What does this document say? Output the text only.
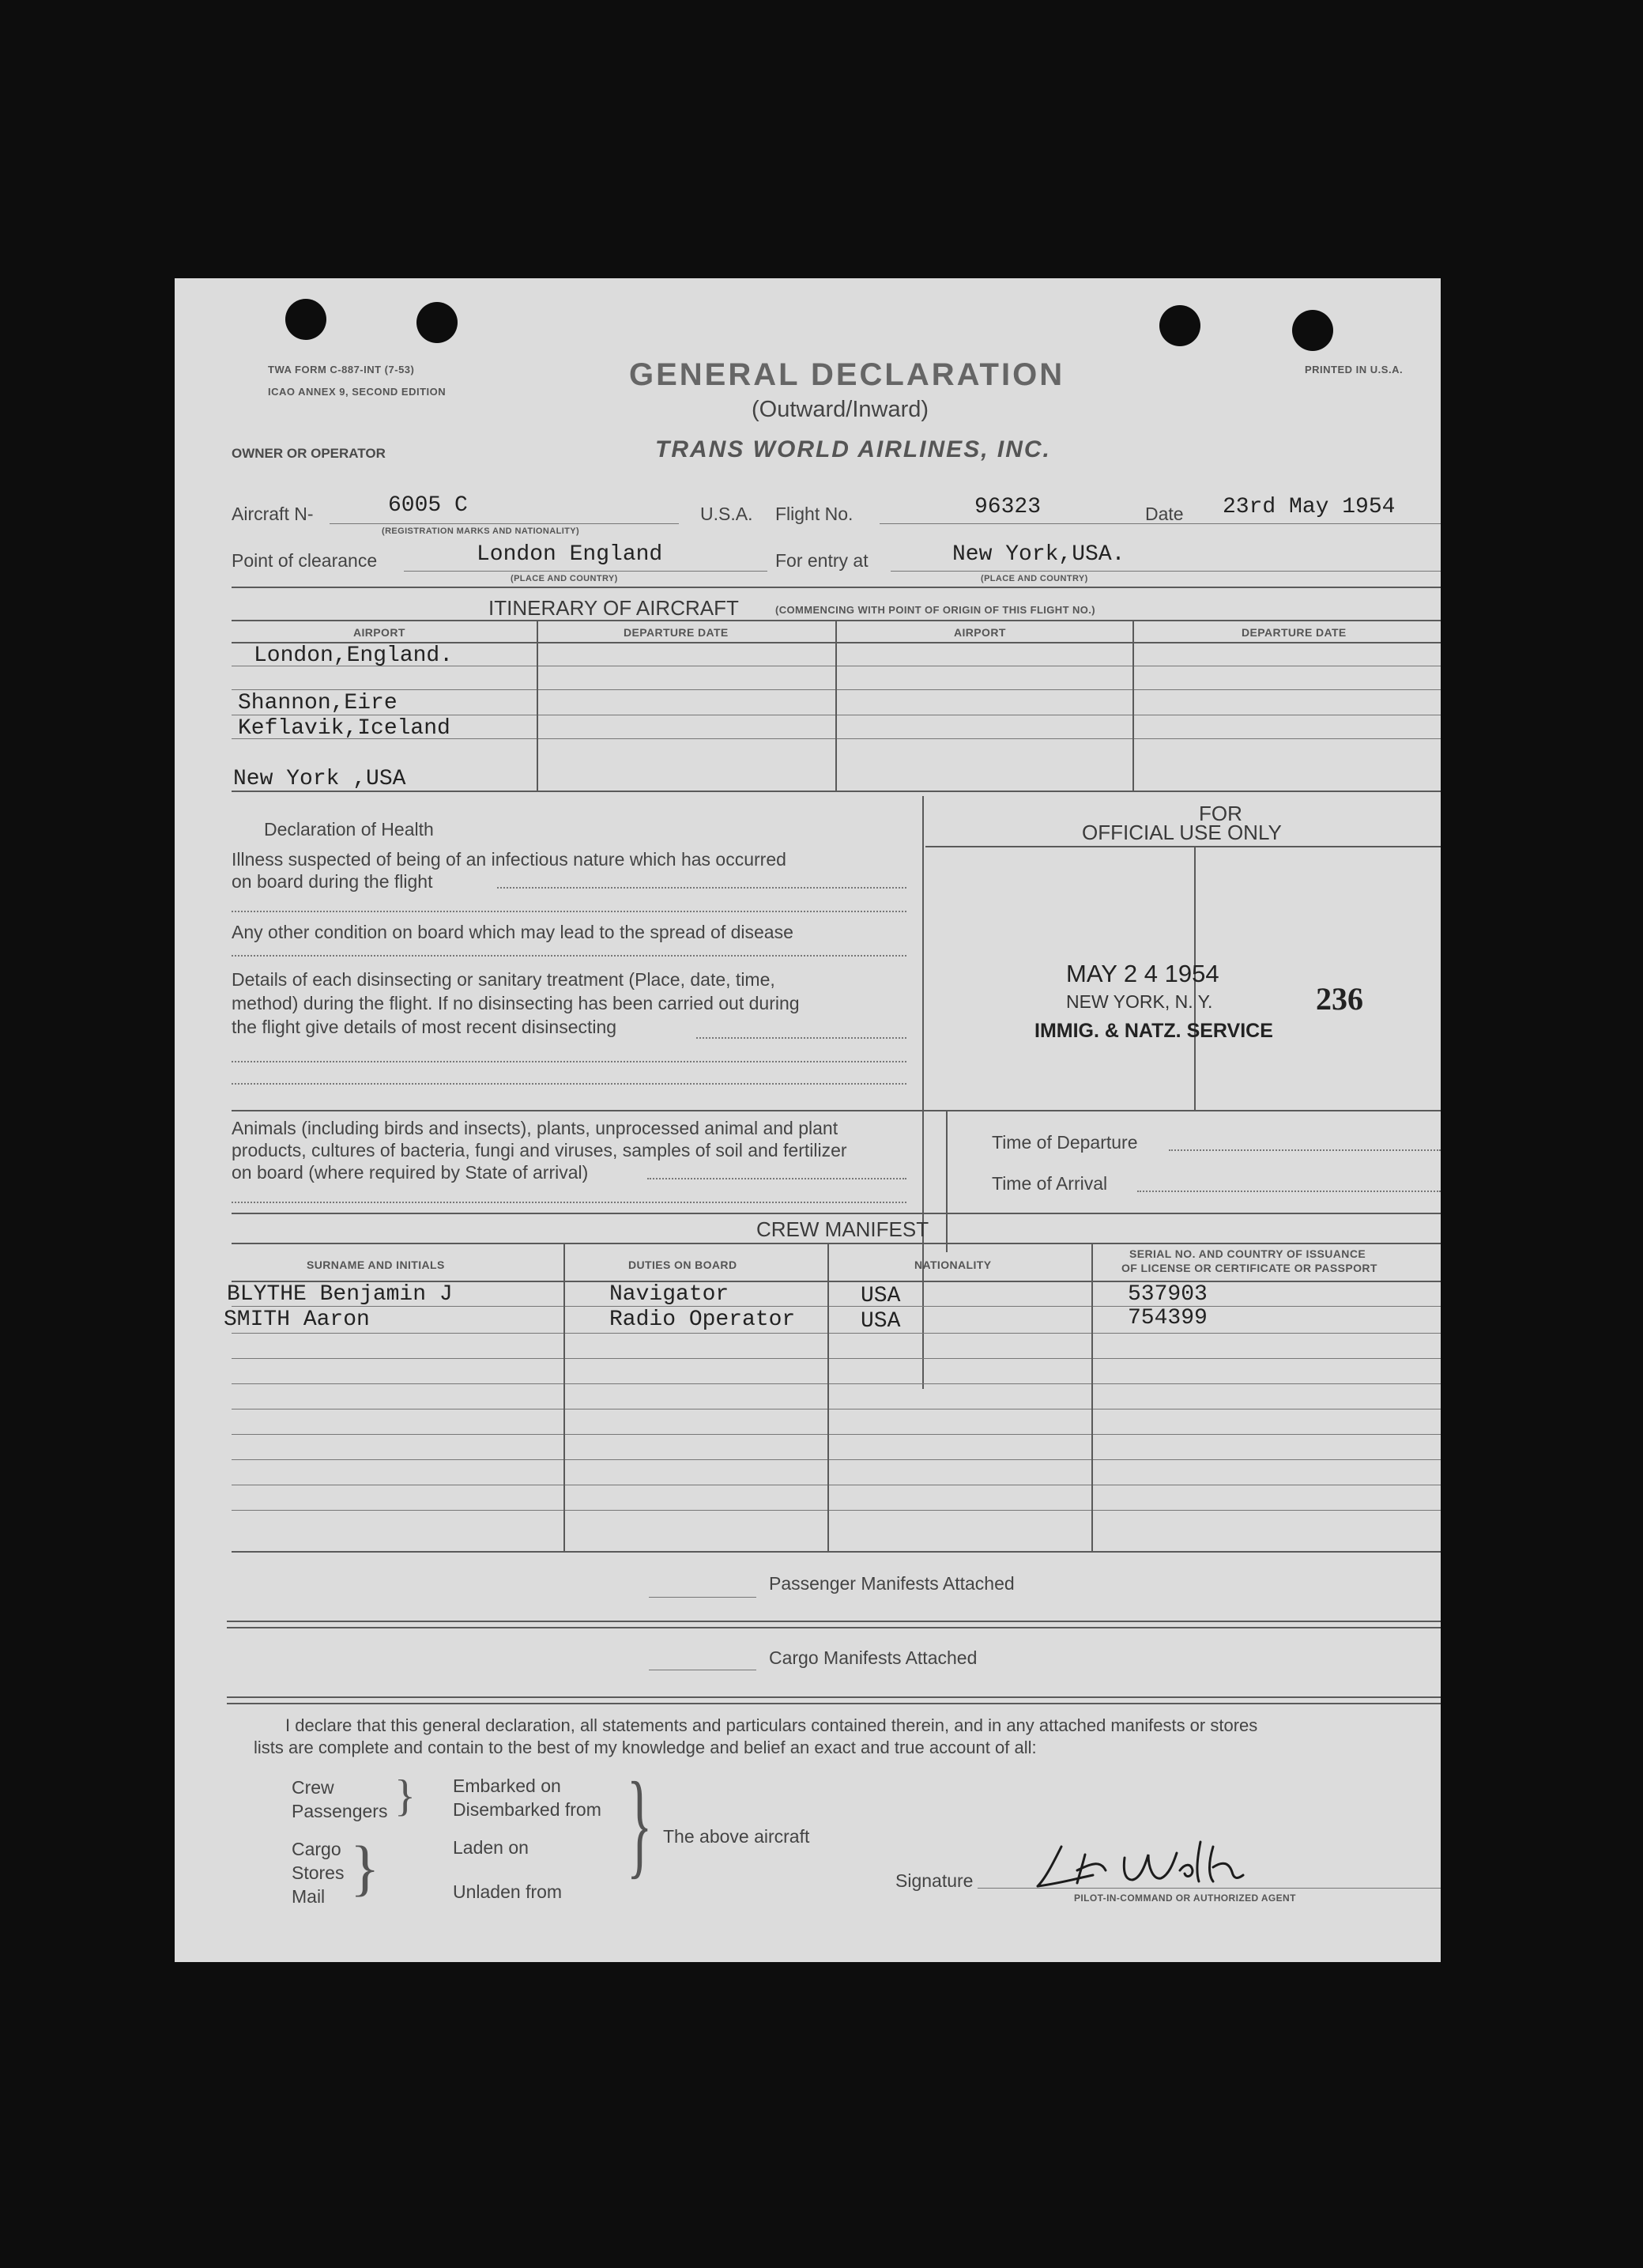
TWA FORM C-887-INT (7-53)
ICAO ANNEX 9, SECOND EDITION
PRINTED IN U.S.A.
GENERAL DECLARATION
(Outward/Inward)
TRANS WORLD AIRLINES, INC.
OWNER OR OPERATOR
Aircraft N-	6005 C
(REGISTRATION MARKS AND NATIONALITY)
U.S.A. Flight No.	96323	Date 23rd May 1954
Point of clearance	London England
(PLACE AND COUNTRY)
For entry at	New York,USA.
(PLACE AND COUNTRY)
ITINERARY OF AIRCRAFT	(COMMENCING WITH POINT OF ORIGIN OF THIS FLIGHT NO.)
AIRPORT	DEPARTURE DATE	AIRPORT	DEPARTURE DATE
London,England.
Shannon,Eire
Keflavik,Iceland
New York ,USA
Declaration of Health
Illness suspected of being of an infectious nature which has occurred
on board during the flight
Any other condition on board which may lead to the spread of disease
Details of each disinsecting or sanitary treatment (Place, date, time,
method) during the flight. If no disinsecting has been carried out during
the flight give details of most recent disinsecting
FOR
OFFICIAL USE ONLY
MAY 2 4 1954
NEW YORK, N. Y.
IMMIG. & NATZ. SERVICE
236
Animals (including birds and insects), plants, unprocessed animal and plant
products, cultures of bacteria, fungi and viruses, samples of soil and fertilizer
on board (where required by State of arrival)
Time of Departure
Time of Arrival
CREW MANIFEST
SURNAME AND INITIALS	DUTIES ON BOARD	NATIONALITY
SERIAL NO. AND COUNTRY OF ISSUANCE
OF LICENSE OR CERTIFICATE OR PASSPORT
BLYTHE Benjamin J	Navigator	USA	537903
SMITH Aaron	Radio Operator	USA	754399
Passenger Manifests Attached
Cargo Manifests Attached
I declare that this general declaration, all statements and particulars contained therein, and in any attached manifests or stores
lists are complete and contain to the best of my knowledge and belief an exact and true account of all:
Crew
Passengers }
Cargo
Stores
Mail }
Embarked on
Disembarked from
Laden on
Unladen from
} The above aircraft
Signature
PILOT-IN-COMMAND OR AUTHORIZED AGENT
